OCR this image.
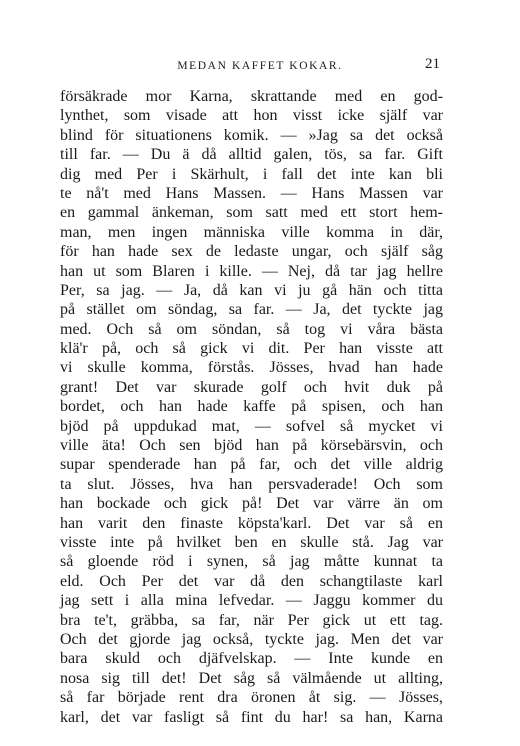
MEDAN KAFFET KOKAR.	21
försäkrade mor Karna, skrattande med en god-
lynthet, som visade att hon visst icke själf var
blind för situationens komik. — »Jag sa det också
till far. — Du ä då alltid galen, tös, sa far. Gift
dig med Per i Skärhult, i fall det inte kan bli
te nå't med Hans Massen. — Hans Massen var
en gammal änkeman, som satt med ett stort hem-
man, men ingen människa ville komma in där,
för han hade sex de ledaste ungar, och själf såg
han ut som Blaren i kille. — Nej, då tar jag hellre
Per, sa jag. — Ja, då kan vi ju gå hän och titta
på stället om söndag, sa far. — Ja, det tyckte jag
med. Och så om söndan, så tog vi våra bästa
klä'r på, och så gick vi dit. Per han visste att
vi skulle komma, förstås. Jösses, hvad han hade
grant! Det var skurade golf och hvit duk på
bordet, och han hade kaffe på spisen, och han
bjöd på uppdukad mat, — sofvel så mycket vi
ville äta! Och sen bjöd han på körsebärsvin, och
supar spenderade han på far, och det ville aldrig
ta slut. Jösses, hva han persvaderade! Och som
han bockade och gick på! Det var värre än om
han varit den finaste köpsta'karl. Det var så en
visste inte på hvilket ben en skulle stå. Jag var
så gloende röd i synen, så jag måtte kunnat ta
eld. Och Per det var då den schangtilaste karl
jag sett i alla mina lefvedar. — Jaggu kommer du
bra te't, gräbba, sa far, när Per gick ut ett tag.
Och det gjorde jag också, tyckte jag. Men det var
bara skuld och djäfvelskap. — Inte kunde en
nosa sig till det! Det såg så välmående ut allting,
så far började rent dra öronen åt sig. — Jösses,
karl, det var fasligt så fint du har! sa han, Karna
